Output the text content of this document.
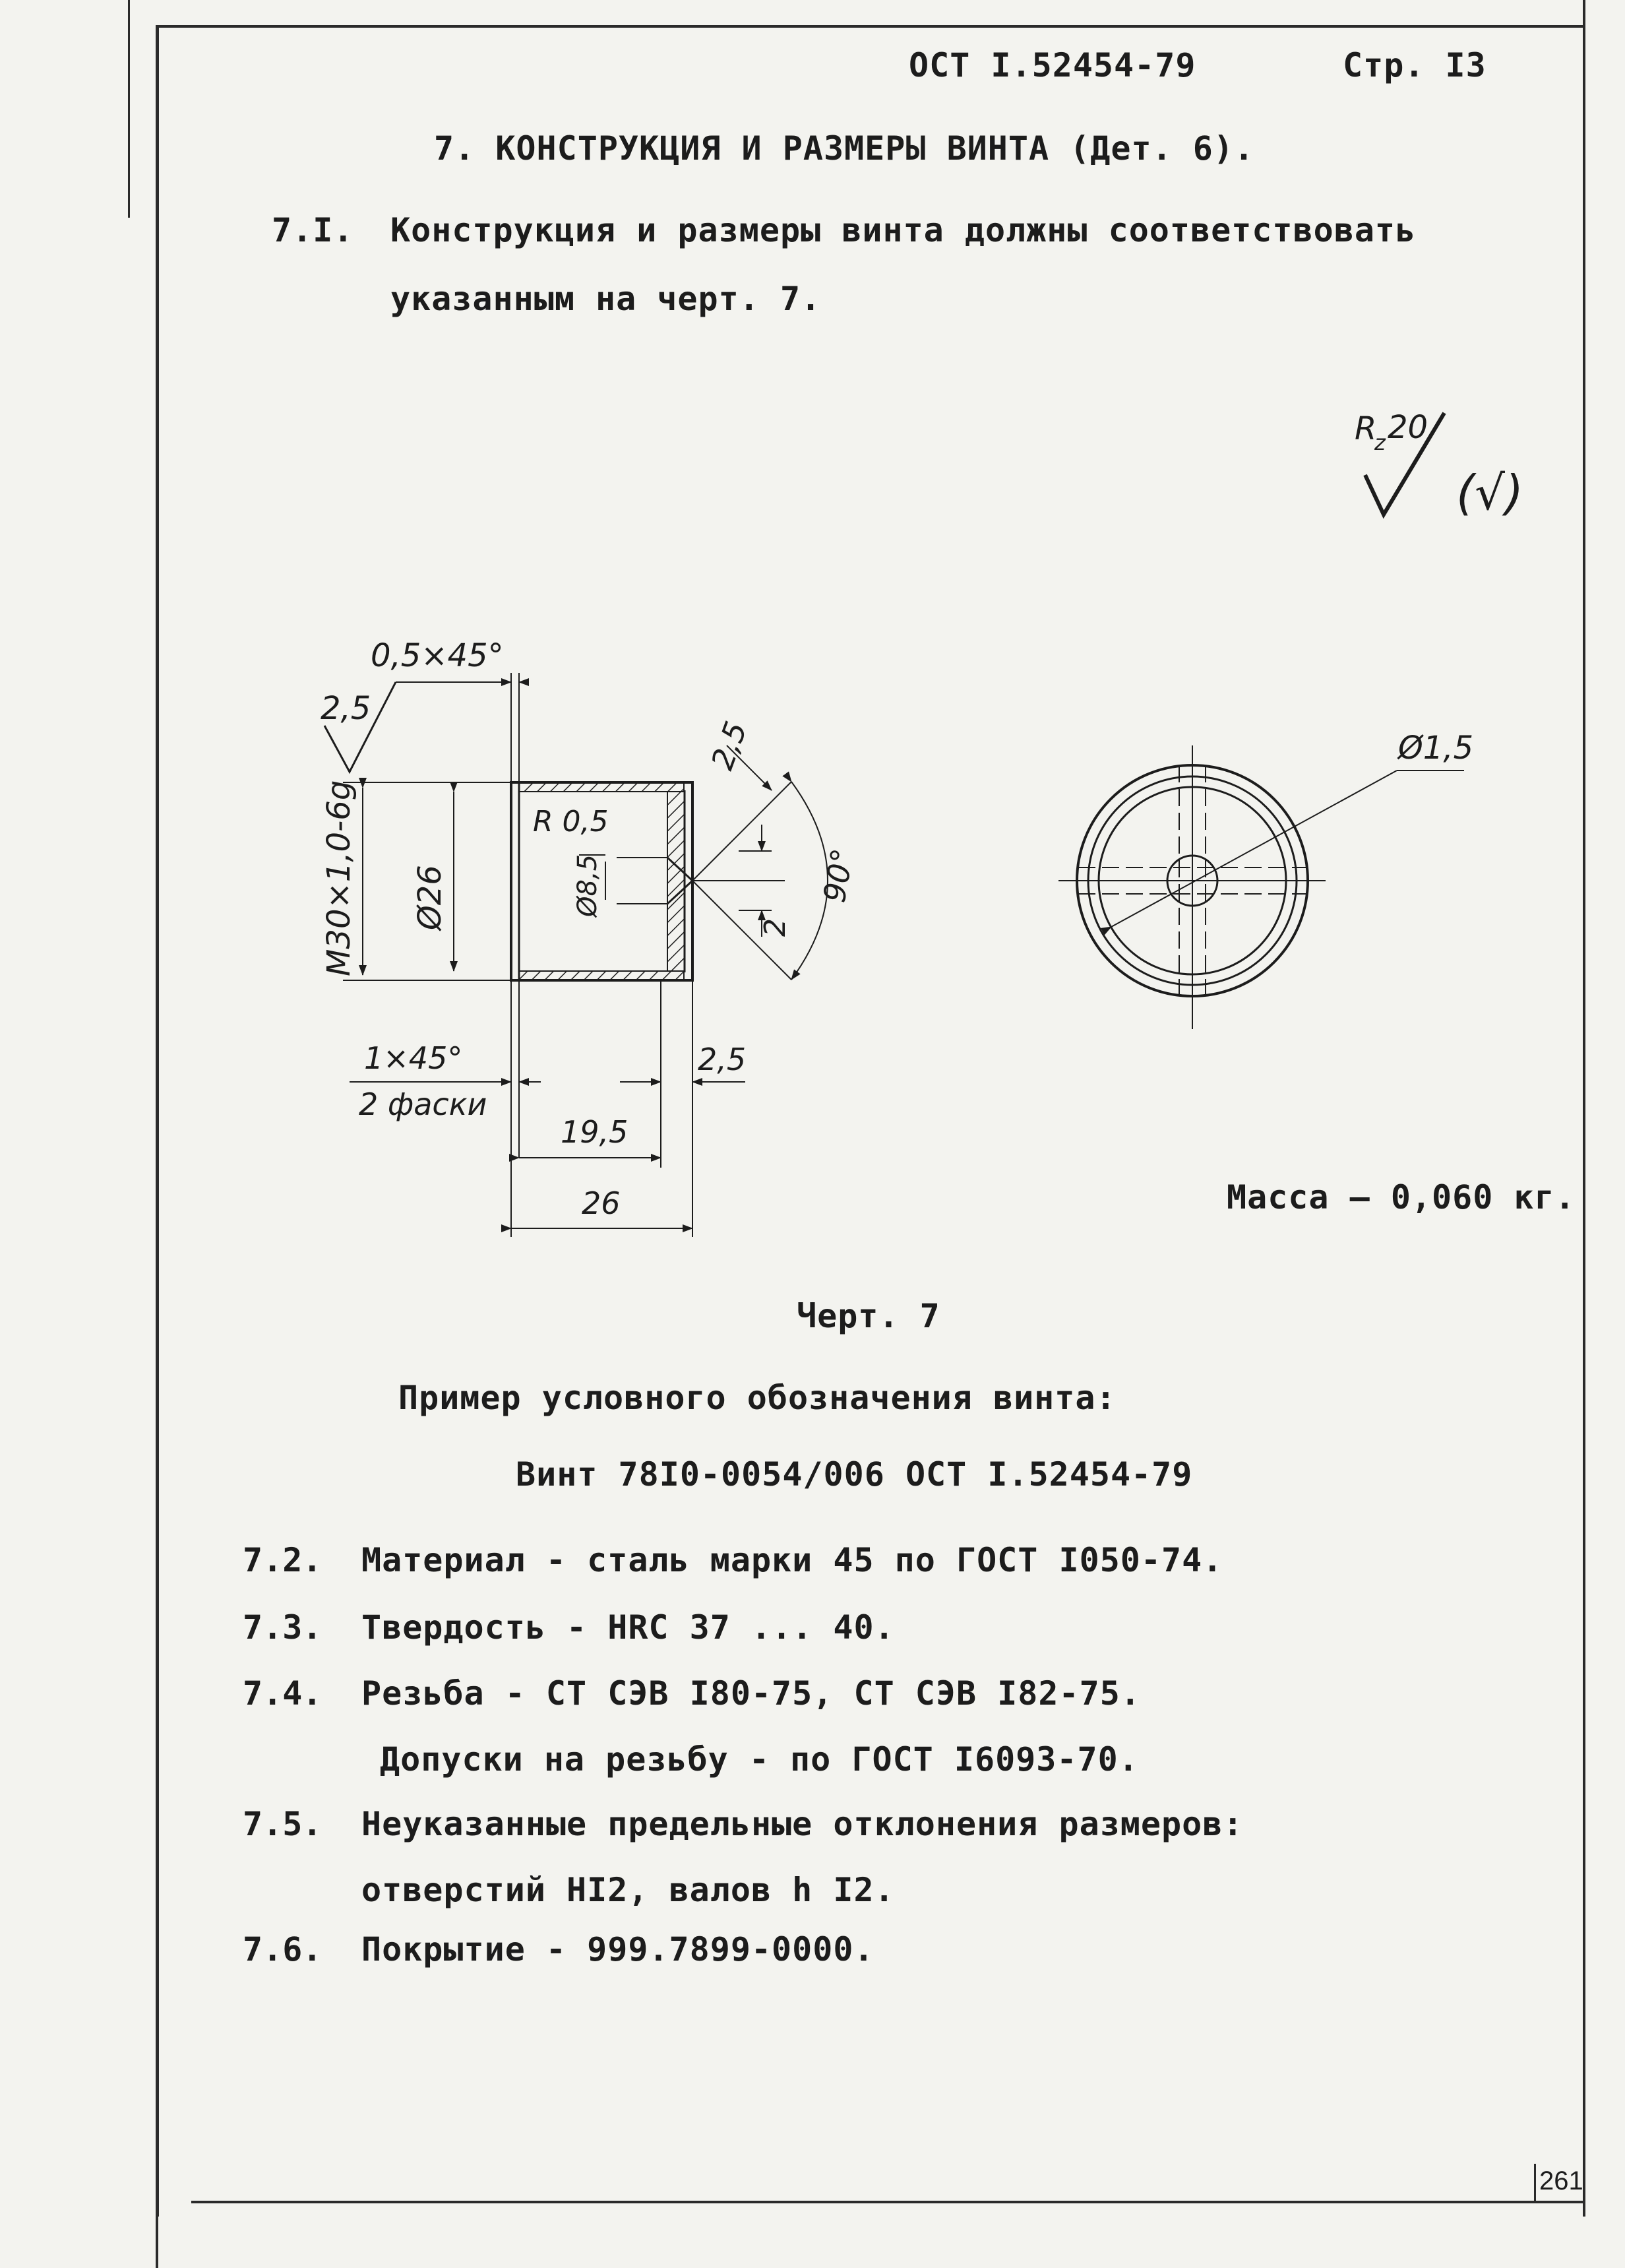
ОСТ I.52454-79	Стр. I3
7. КОНСТРУКЦИЯ И РАЗМЕРЫ ВИНТА (Дет. 6).
7.I. Конструкция и размеры винта должны соответствовать
указанным на черт. 7.
R
z 20
(√)
0,5×45°
2,5
М30×1,0-6g Ø26
R 0,5
Ø8,5
2,5
2
90°
1×45°
2 фаски
2,5
19,5
26
Ø1,5
Масса – 0,060 кг.
Черт. 7
Пример условного обозначения винта:
Винт 78I0-0054/006 ОСТ I.52454-79
7.2. Материал - сталь марки 45 по ГОСТ I050-74.
7.3. Твердость - HRC 37 ... 40.
7.4. Резьба - СТ СЭВ I80-75, СТ СЭВ I82-75.
Допуски на резьбу - по ГОСТ I6093-70.
7.5. Неуказанные предельные отклонения размеров:
отверстий HI2, валов h I2.
7.6. Покрытие - 999.7899-0000.
261
